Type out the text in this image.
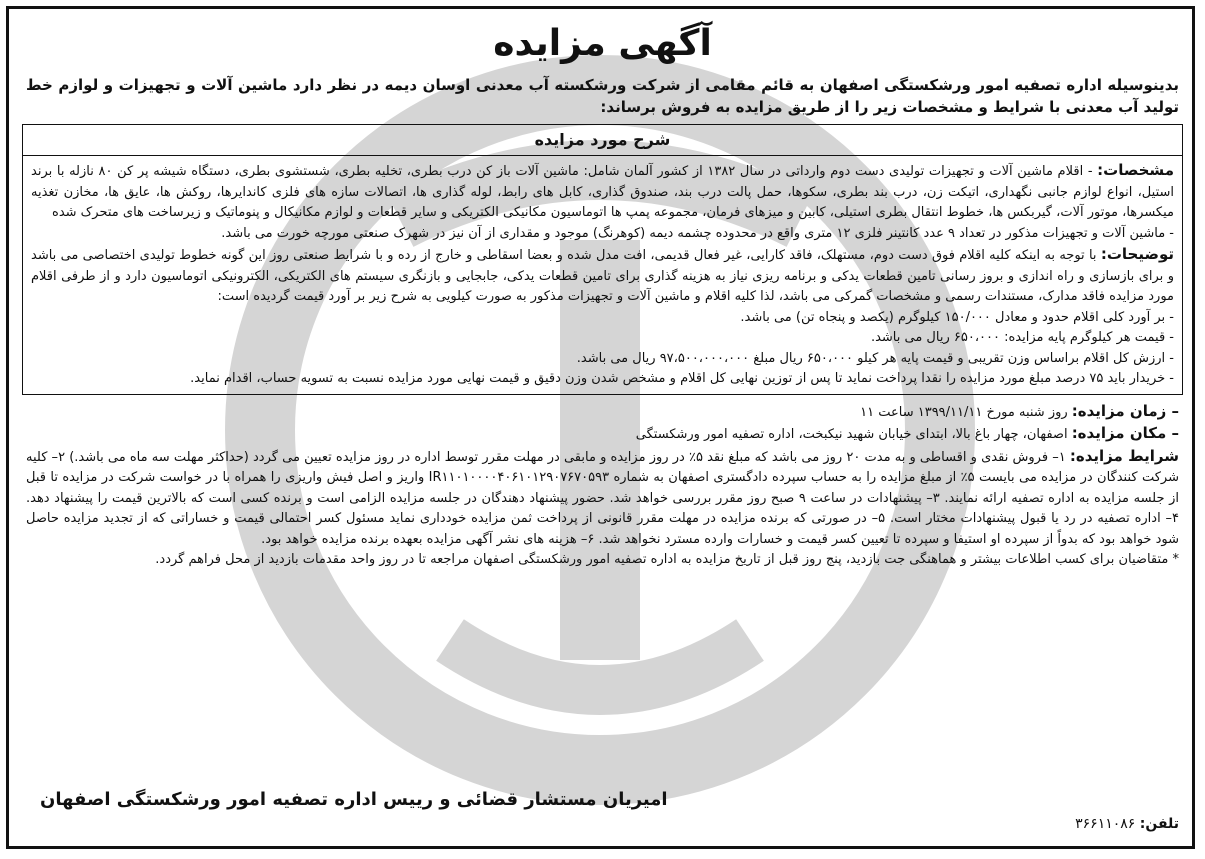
آگهی مزایده

بدینوسیله اداره تصفیه امور ورشکستگی اصفهان به قائم مقامی از شرکت ورشکسته آب معدنی اوسان دیمه در نظر دارد ماشین آلات و تجهیزات و لوازم خط تولید آب معدنی با شرایط و مشخصات زیر را از طریق مزایده به فروش برساند:

شرح مورد مزایده

مشخصات: - اقلام ماشین آلات و تجهیزات تولیدی دست دوم وارداتی در سال ۱۳۸۲ از کشور آلمان شامل: ماشین آلات باز کن درب بطری، تخلیه بطری، شستشوی بطری، دستگاه شیشه پر کن ۸۰ نازله با برند استیل، انواع لوازم جانبی نگهداری، اتیکت زن، درب بند بطری، سکوها، حمل پالت درب بند، صندوق گذاری، کابل های رابط، لوله گذاری ها، اتصالات سازه های فلزی کاندایرها، روکش ها، عایق ها، مخازن تغذیه میکسرها، موتور آلات، گیربکس ها، خطوط انتقال بطری استیلی، کابین و میزهای فرمان، مجموعه پمپ ها اتوماسیون مکانیکی الکتریکی و سایر قطعات و لوازم مکانیکال و پنوماتیک و زیرساخت های متحرک شده

- ماشین آلات و تجهیزات مذکور در تعداد ۹ عدد کانتینر فلزی ۱۲ متری واقع در محدوده چشمه دیمه (کوهرنگ) موجود و مقداری از آن نیز در شهرک صنعتی مورچه خورت می باشد.

توضیحات: با توجه به اینکه کلیه اقلام فوق دست دوم، مستهلک، فاقد کارایی، غیر فعال قدیمی، افت مدل شده و بعضا اسقاطی و خارج از رده و با شرایط صنعتی روز این گونه خطوط تولیدی اختصاصی می باشد و برای بازسازی و راه اندازی و بروز رسانی تامین قطعات یدکی و برنامه ریزی نیاز به هزینه گذاری برای تامین قطعات یدکی، جابجایی و بازنگری سیستم های الکتریکی، الکترونیکی اتوماسیون دارد و از طرفی اقلام مورد مزایده فاقد مدارک، مستندات رسمی و مشخصات گمرکی می باشد، لذا کلیه اقلام و ماشین آلات و تجهیزات مذکور به صورت کیلویی به شرح زیر بر آورد قیمت گردیده است:

- بر آورد کلی اقلام حدود و معادل ۱۵۰/۰۰۰ کیلوگرم (یکصد و پنجاه تن) می باشد.

- قیمت هر کیلوگرم پایه مزایده: ۶۵۰،۰۰۰ ریال می باشد.

- ارزش کل اقلام براساس وزن تقریبی و قیمت پایه هر کیلو ۶۵۰،۰۰۰ ریال مبلغ ۹۷،۵۰۰،۰۰۰،۰۰۰ ریال می باشد.

- خریدار باید ۷۵ درصد مبلغ مورد مزایده را نقدا پرداخت نماید تا پس از توزین نهایی کل اقلام و مشخص شدن وزن دقیق و قیمت نهایی مورد مزایده نسبت به تسویه حساب، اقدام نماید.

– زمان مزایده: روز شنبه مورخ ۱۳۹۹/۱۱/۱۱ ساعت ۱۱

– مکان مزایده: اصفهان، چهار باغ بالا، ابتدای خیابان شهید نیکبخت، اداره تصفیه امور ورشکستگی

شرایط مزایده: ۱– فروش نقدی و اقساطی و به مدت ۲۰ روز می باشد که مبلغ نقد ۵٪ در روز مزایده و مابقی در مهلت مقرر توسط اداره در روز مزایده تعیین می گردد (حداکثر مهلت سه ماه می باشد.) ۲– کلیه شرکت کنندگان در مزایده می بایست ۵٪ از مبلغ مزایده را به حساب سپرده دادگستری اصفهان به شماره IR۱۱۰۱۰۰۰۰۴۰۶۱۰۱۲۹۰۷۶۷۰۵۹۳ واریز و اصل فیش واریزی را همراه با در خواست شرکت در مزایده تا قبل از جلسه مزایده به اداره تصفیه ارائه نمایند. ۳– پیشنهادات در ساعت ۹ صبح روز مقرر بررسی خواهد شد. حضور پیشنهاد دهندگان در جلسه مزایده الزامی است و برنده کسی است که بالاترین قیمت را پیشنهاد دهد. ۴– اداره تصفیه در رد یا قبول پیشنهادات مختار است. ۵– در صورتی که برنده مزایده در مهلت مقرر قانونی از پرداخت ثمن مزایده خودداری نماید مسئول کسر احتمالی قیمت و خساراتی که از تجدید مزایده حاصل شود خواهد بود که بدواً از سپرده او استیفا و سپرده تا تعیین کسر قیمت و خسارات وارده مسترد نخواهد شد. ۶– هزینه های نشر آگهی مزایده بعهده برنده مزایده خواهد بود.

* متقاضیان برای کسب اطلاعات بیشتر و هماهنگی جت بازدید، پنج روز قبل از تاریخ مزایده به اداره تصفیه امور ورشکستگی اصفهان مراجعه تا در روز واحد مقدمات بازدید از محل فراهم گردد.

امیریان مستشار قضائی و رییس اداره تصفیه امور ورشکستگی اصفهان
تلفن: ۳۶۶۱۱۰۸۶
